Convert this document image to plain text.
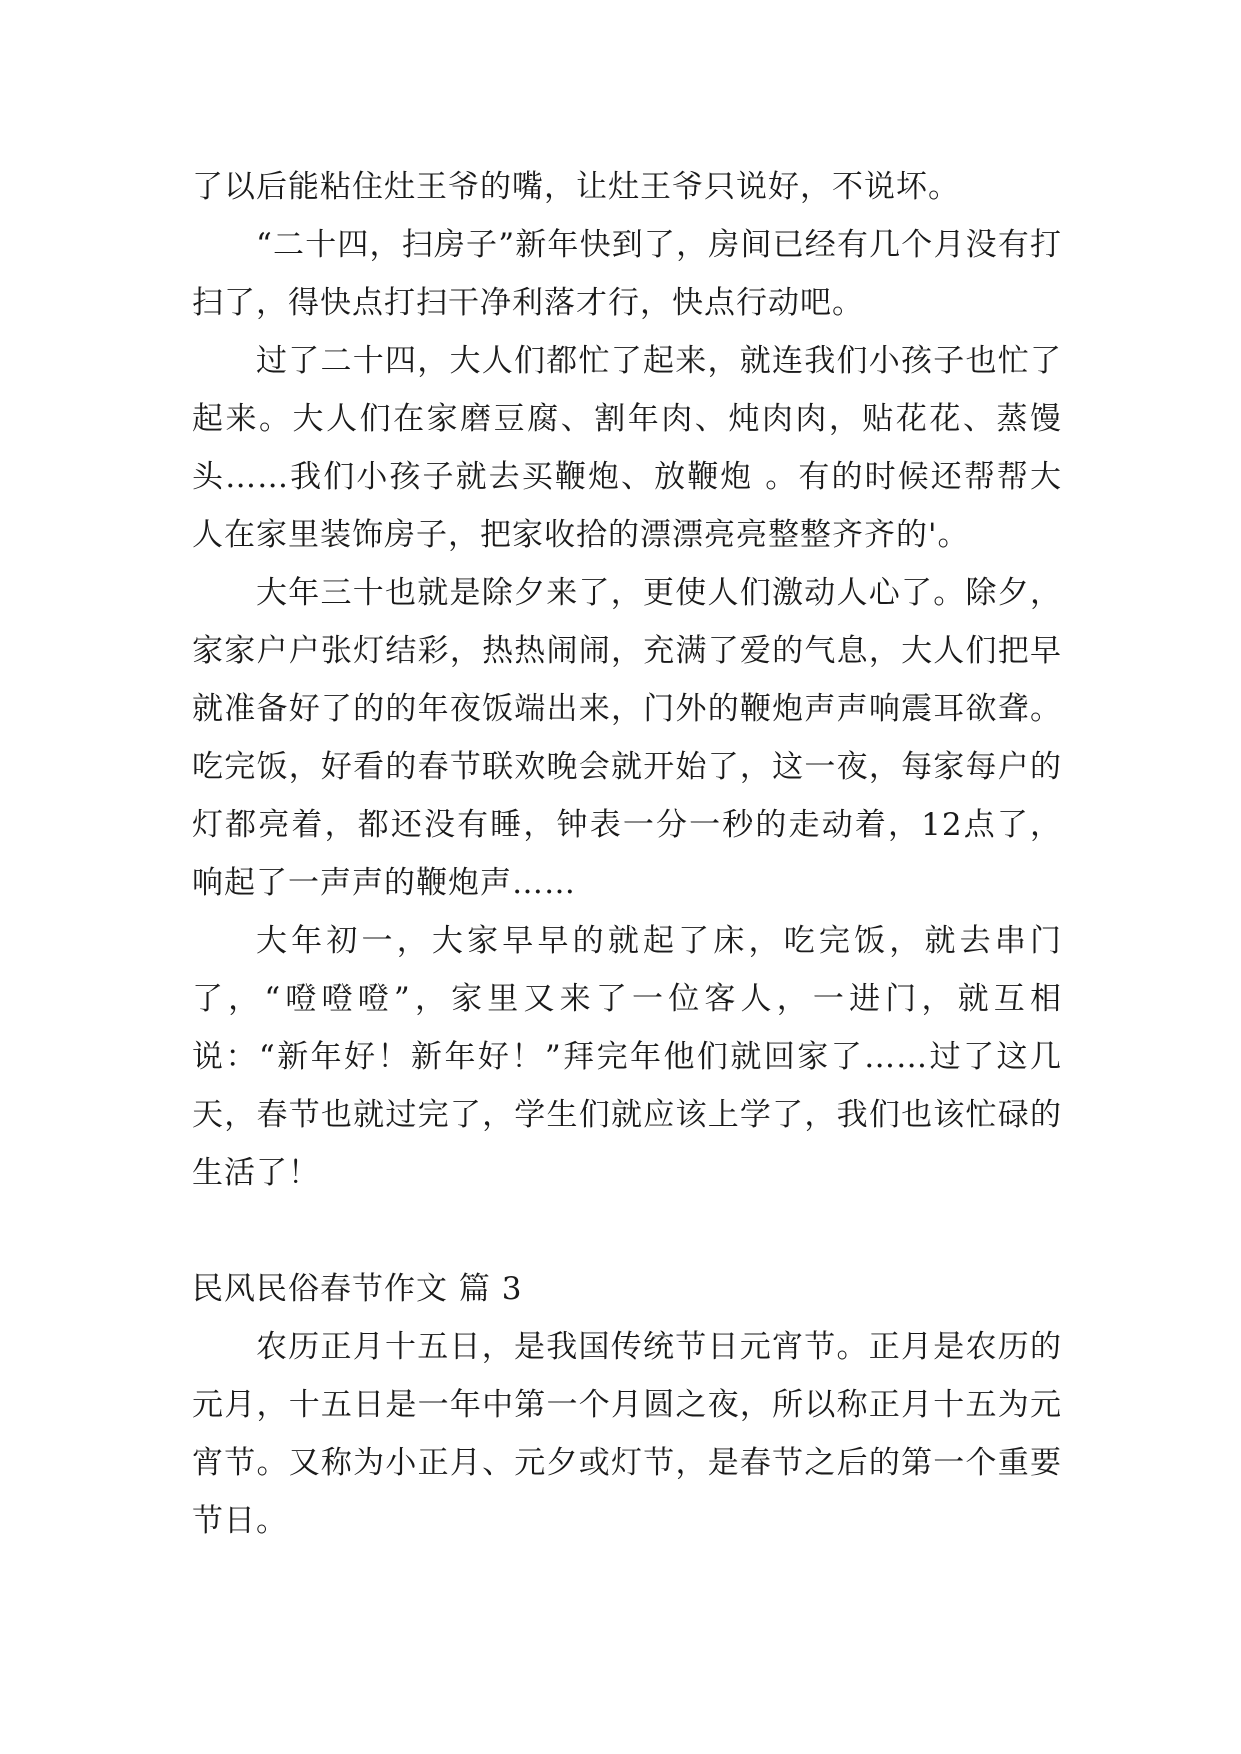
了以后能粘住灶王爷的嘴，让灶王爷只说好，不说坏。

“二十四，扫房子”新年快到了，房间已经有几个月没有打扫了，得快点打扫干净利落才行，快点行动吧。

过了二十四，大人们都忙了起来，就连我们小孩子也忙了起来。大人们在家磨豆腐、割年肉、炖肉肉，贴花花、蒸馒头……我们小孩子就去买鞭炮、放鞭炮 。有的时候还帮帮大人在家里装饰房子，把家收拾的漂漂亮亮整整齐齐的'。

大年三十也就是除夕来了，更使人们激动人心了。除夕，家家户户张灯结彩，热热闹闹，充满了爱的气息，大人们把早就准备好了的的年夜饭端出来，门外的鞭炮声声响震耳欲聋。吃完饭，好看的春节联欢晚会就开始了，这一夜，每家每户的灯都亮着，都还没有睡，钟表一分一秒的走动着，12点了，响起了一声声的鞭炮声……

大年初一，大家早早的就起了床，吃完饭，就去串门了，“噔噔噔”，家里又来了一位客人，一进门，就互相说：“新年好！新年好！”拜完年他们就回家了……过了这几天，春节也就过完了，学生们就应该上学了，我们也该忙碌的生活了！

民风民俗春节作文 篇 3

农历正月十五日，是我国传统节日元宵节。正月是农历的元月，十五日是一年中第一个月圆之夜，所以称正月十五为元宵节。又称为小正月、元夕或灯节，是春节之后的第一个重要节日。
